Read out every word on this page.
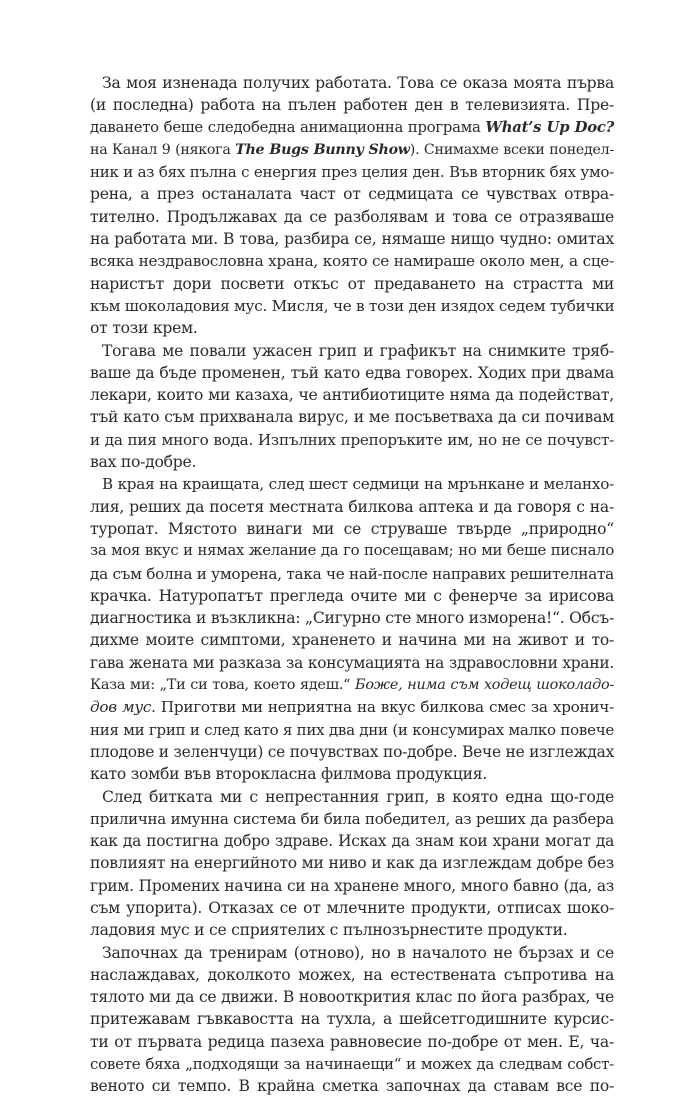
За моя изненада получих работата. Това се оказа моята първа
(и последна) работа на пълен работен ден в телевизията. Пре-
даването беше следобедна анимационна програма What’s Up Doc?
на Канал 9 (някога The Bugs Bunny Show). Снимахме всеки понедел-
ник и аз бях пълна с енергия през целия ден. Във вторник бях умо-
рена, а през останалата част от седмицата се чувствах отвра-
тително. Продължавах да се разболявам и това се отразяваше
на работата ми. В това, разбира се, нямаше нищо чудно: омитах
всяка нездравословна храна, която се намираше около мен, а сце-
наристът дори посвети откъс от предаването на страстта ми
към шоколадовия мус. Мисля, че в този ден изядох седем тубички
от този крем.
Тогава ме повали ужасен грип и графикът на снимките тряб-
ваше да бъде променен, тъй като едва говорех. Ходих при двама
лекари, които ми казаха, че антибиотиците няма да подействат,
тъй като съм прихванала вирус, и ме посъветваха да си почивам
и да пия много вода. Изпълних препоръките им, но не се почувст-
вах по-добре.
В края на краищата, след шест седмици на мрънкане и меланхо-
лия, реших да посетя местната билкова аптека и да говоря с на-
туропат. Мястото винаги ми се струваше твърде „природно“
за моя вкус и нямах желание да го посещавам; но ми беше писнало
да съм болна и уморена, така че най-после направих решителната
крачка. Натуропатът прегледа очите ми с фенерче за ирисова
диагностика и възкликна: „Сигурно сте много изморена!“. Обсъ-
дихме моите симптоми, храненето и начина ми на живот и то-
гава жената ми разказа за консумацията на здравословни храни.
Каза ми: „Ти си това, което ядеш.“ Боже, нима съм ходещ шоколадо-
дов мус. Приготви ми неприятна на вкус билкова смес за хронич-
ния ми грип и след като я пих два дни (и консумирах малко повече
плодове и зеленчуци) се почувствах по-добре. Вече не изглеждах
като зомби във второкласна филмова продукция.
След битката ми с непрестанния грип, в която една що-годе
прилична имунна система би била победител, аз реших да разбера
как да постигна добро здраве. Исках да знам кои храни могат да
повлияят на енергийното ми ниво и как да изглеждам добре без
грим. Промених начина си на хранене много, много бавно (да, аз
съм упорита). Отказах се от млечните продукти, отписах шоко-
ладовия мус и се сприятелих с пълнозърнестите продукти.
Започнах да тренирам (отново), но в началото не бързах и се
наслаждавах, доколкото можех, на естествената съпротива на
тялото ми да се движи. В новооткрития клас по йога разбрах, че
притежавам гъвкавостта на тухла, а шейсетгодишните курсис-
ти от първата редица пазеха равновесие по-добре от мен. Е, ча-
совете бяха „подходящи за начинаещи“ и можех да следвам собст-
веното си темпо. В крайна сметка започнах да ставам все по-
